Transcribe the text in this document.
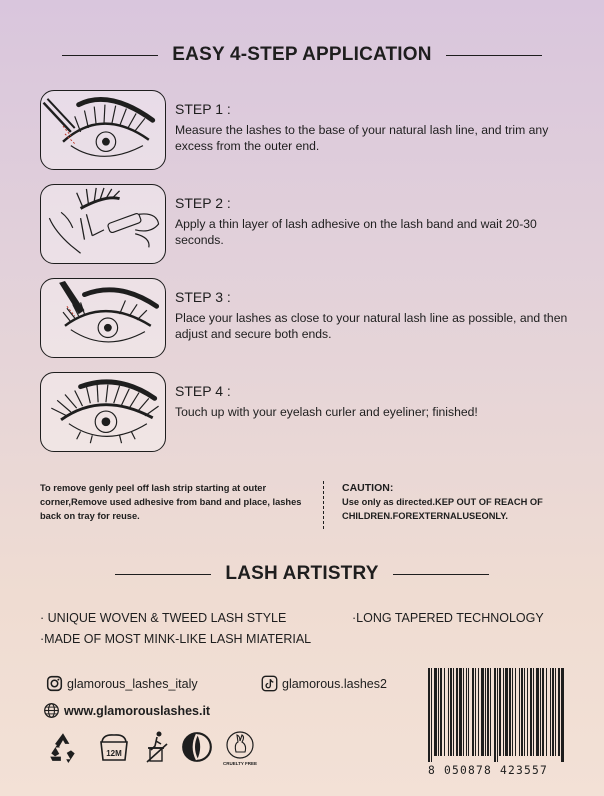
EASY 4-STEP APPLICATION
STEP 1 :
Measure the lashes to the base of your natural lash line, and trim any excess from the outer end.
STEP 2 :
Apply a thin layer of lash adhesive on the lash band and wait 20-30 seconds.
STEP 3 :
Place your lashes as close to your natural lash line as possible, and then adjust and secure both ends.
STEP 4 :
Touch up with your eyelash curler and eyeliner; finished!
To remove genly peel off lash strip starting at outer corner,Remove used adhesive from band and place, lashes back on tray for reuse.
CAUTION:
Use only as directed.KEP OUT OF REACH OF CHILDREN.FOREXTERNALUSEONLY.
LASH ARTISTRY
· UNIQUE WOVEN & TWEED LASH STYLE	·LONG TAPERED TECHNOLOGY
·MADE OF MOST MINK-LIKE LASH MIATERIAL
glamorous_lashes_italy	glamorous.lashes2
www.glamorouslashes.it
12M
CRUELTY FREE
8 050878 423557
